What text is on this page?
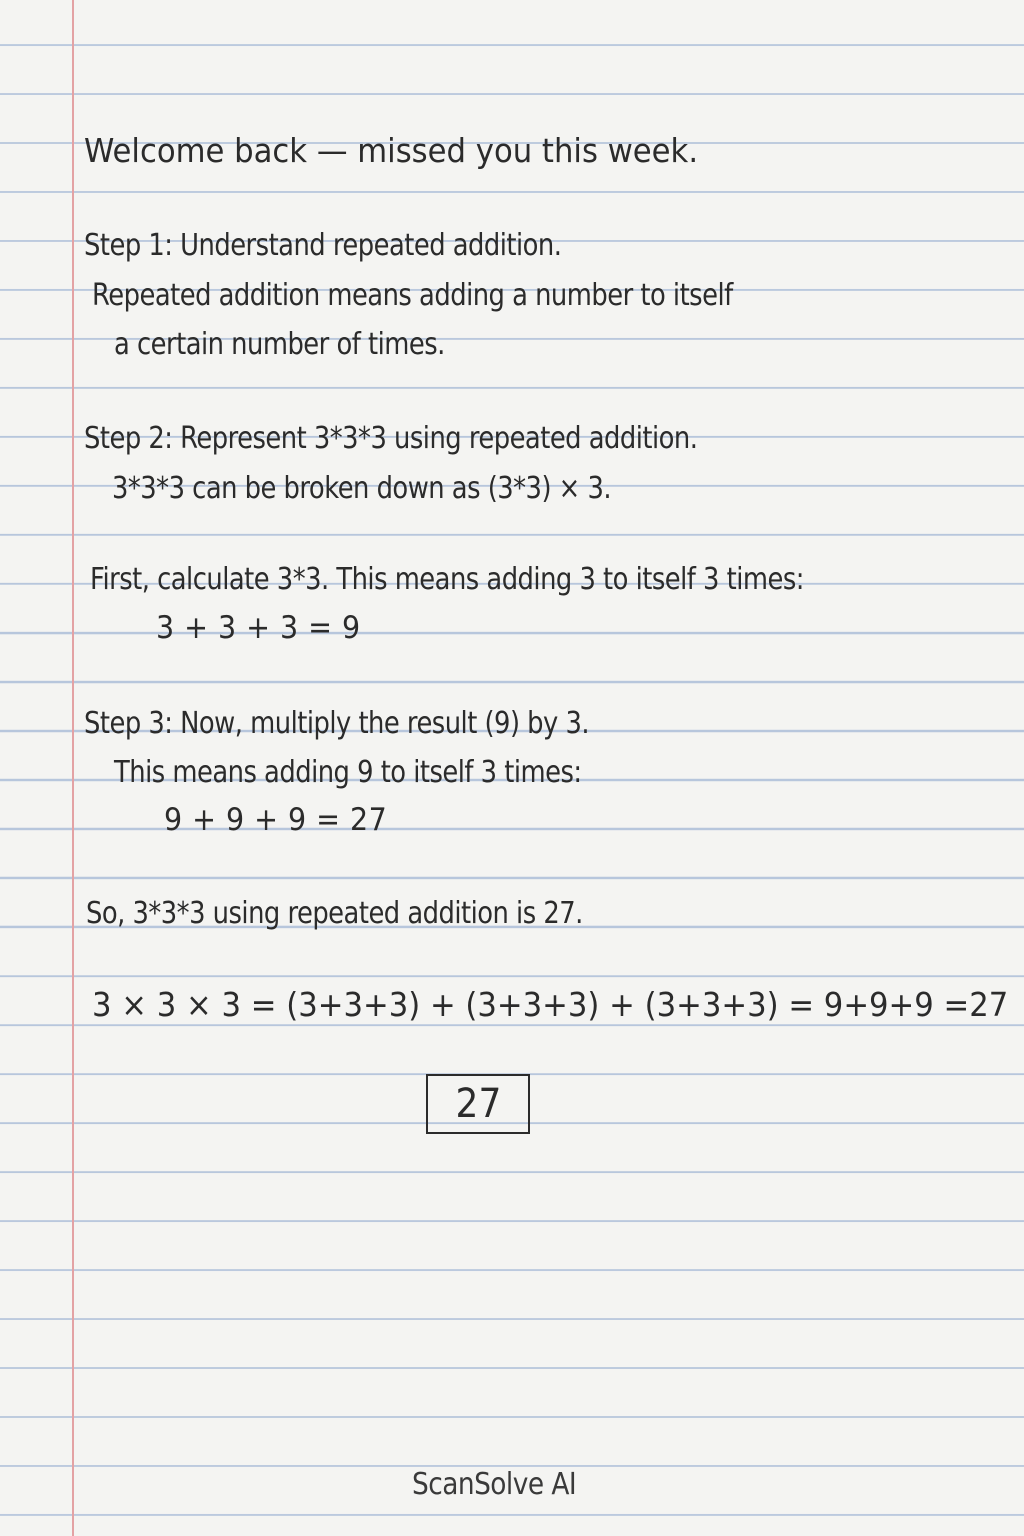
Welcome back — missed you this week.
Step 1: Understand repeated addition.
Repeated addition means adding a number to itself
a certain number of times.
Step 2: Represent 3*3*3 using repeated addition.
3*3*3 can be broken down as (3*3) × 3.
First, calculate 3*3. This means adding 3 to itself 3 times:
3 + 3 + 3 = 9
Step 3: Now, multiply the result (9) by 3.
This means adding 9 to itself 3 times:
9 + 9 + 9 = 27
So, 3*3*3 using repeated addition is 27.
3 × 3 × 3 = (3+3+3) + (3+3+3) + (3+3+3) = 9+9+9 =27
27
ScanSolve AI
